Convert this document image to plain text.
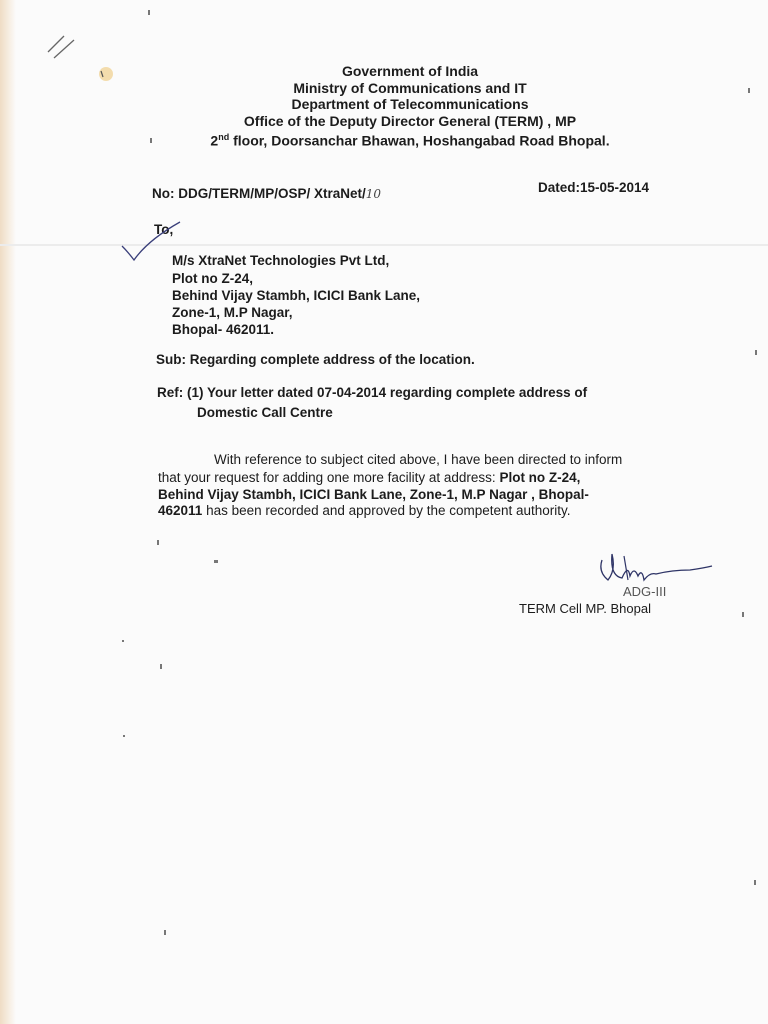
Government of India
Ministry of Communications and IT
Department of Telecommunications
Office of the Deputy Director General (TERM) , MP
2nd floor, Doorsanchar Bhawan, Hoshangabad Road Bhopal.
No: DDG/TERM/MP/OSP/ XtraNet/10	Dated:15-05-2014
To,
M/s XtraNet Technologies Pvt Ltd,
Plot no Z-24,
Behind Vijay Stambh, ICICI Bank Lane,
Zone-1, M.P Nagar,
Bhopal- 462011.
Sub: Regarding complete address of the location.
Ref: (1) Your letter dated 07-04-2014 regarding complete address of
Domestic Call Centre
With reference to subject cited above, I have been directed to inform
that your request for adding one more facility at address: Plot no Z-24,
Behind Vijay Stambh, ICICI Bank Lane, Zone-1, M.P Nagar , Bhopal-
462011 has been recorded and approved by the competent authority.
ADG-III
TERM Cell MP. Bhopal
